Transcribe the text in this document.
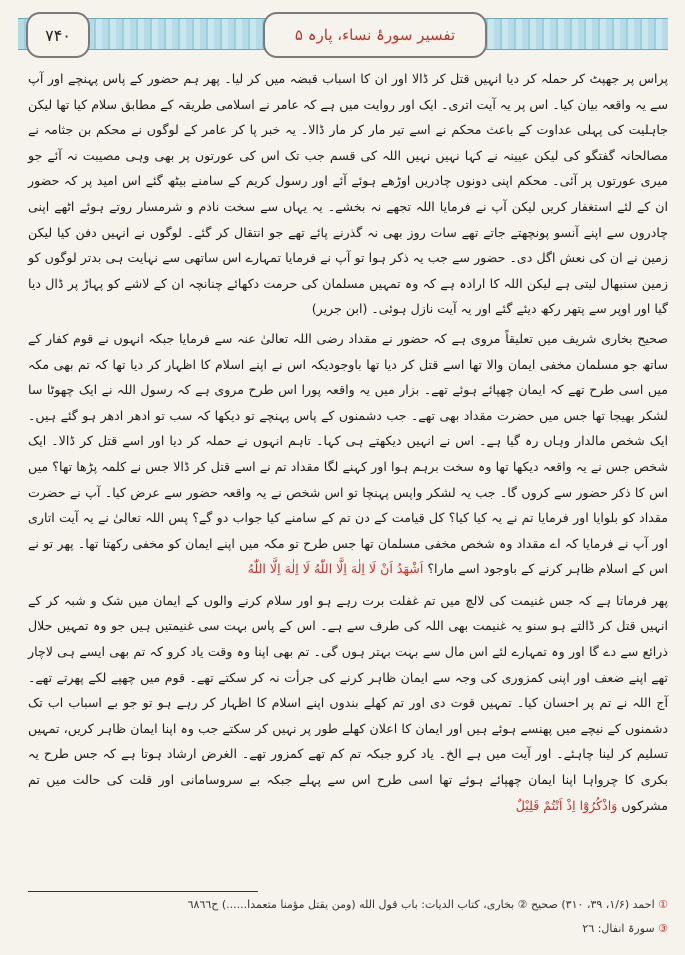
۷۴۰	تفسیر سورۂ نساء، پارہ ۵

پراس پر جھپٹ کر حملہ کر دیا انہیں قتل کر ڈالا اور ان کا اسباب قبضہ میں کر لیا۔ پھر ہم حضور کے پاس پہنچے اور آپ سے یہ واقعہ بیان کیا۔ اس پر یہ آیت اتری۔ ایک اور روایت میں ہے کہ عامر نے اسلامی طریقہ کے مطابق سلام کیا تھا لیکن جاہلیت کی پہلی عداوت کے باعث محکم نے اسے تیر مار کر مار ڈالا۔ یہ خبر پا کر عامر کے لوگوں نے محکم بن جثامہ نے مصالحانہ گفتگو کی لیکن عیینہ نے کہا نہیں نہیں اللہ کی قسم جب تک اس کی عورتوں پر بھی وہی مصیبت نہ آئے جو میری عورتوں پر آئی۔ محکم اپنی دونوں چادریں اوڑھے ہوئے آئے اور رسول کریم کے سامنے بیٹھ گئے اس امید پر کہ حضور ان کے لئے استغفار کریں لیکن آپ نے فرمایا اللہ تجھے نہ بخشے۔ یہ یہاں سے سخت نادم و شرمسار روتے ہوئے اٹھے اپنی چادروں سے اپنے آنسو پونچھتے جاتے تھے سات روز بھی نہ گذرنے پائے تھے جو انتقال کر گئے۔ لوگوں نے انہیں دفن کیا لیکن زمین نے ان کی نعش اگل دی۔ حضور سے جب یہ ذکر ہوا تو آپ نے فرمایا تمہارے اس ساتھی سے نہایت ہی بدتر لوگوں کو زمین سنبھال لیتی ہے لیکن اللہ کا ارادہ ہے کہ وہ تمہیں مسلمان کی حرمت دکھائے چنانچہ ان کے لاشے کو پہاڑ پر ڈال دیا گیا اور اوپر سے پتھر رکھ دیئے گئے اور یہ آیت نازل ہوئی۔ (ابن جریر)

صحیح بخاری شریف میں تعلیقاً مروی ہے کہ حضور نے مقداد رضی اللہ تعالیٰ عنہ سے فرمایا جبکہ انہوں نے قوم کفار کے ساتھ جو مسلمان مخفی ایمان والا تھا اسے قتل کر دیا تھا باوجودیکہ اس نے اپنے اسلام کا اظہار کر دیا تھا کہ تم بھی مکہ میں اسی طرح تھے کہ ایمان چھپائے ہوئے تھے۔ بزار میں یہ واقعہ پورا اس طرح مروی ہے کہ رسول اللہ نے ایک چھوٹا سا لشکر بھیجا تھا جس میں حضرت مقداد بھی تھے۔ جب دشمنوں کے پاس پہنچے تو دیکھا کہ سب تو ادھر ادھر ہو گئے ہیں۔ ایک شخص مالدار وہاں رہ گیا ہے۔ اس نے انہیں دیکھتے ہی کہا۔ تاہم انہوں نے حملہ کر دیا اور اسے قتل کر ڈالا۔ ایک شخص جس نے یہ واقعہ دیکھا تھا وہ سخت برہم ہوا اور کہنے لگا مقداد تم نے اسے قتل کر ڈالا جس نے کلمہ پڑھا تھا؟ میں اس کا ذکر حضور سے کروں گا۔ جب یہ لشکر واپس پہنچا تو اس شخص نے یہ واقعہ حضور سے عرض کیا۔ آپ نے حضرت مقداد کو بلوایا اور فرمایا تم نے یہ کیا کیا؟ کل قیامت کے دن تم کے سامنے کیا جواب دو گے؟ پس اللہ تعالیٰ نے یہ آیت اتاری اور آپ نے فرمایا کہ اے مقداد وہ شخص مخفی مسلمان تھا جس طرح تو مکہ میں اپنے ایمان کو مخفی رکھتا تھا۔ پھر تو نے اس کے اسلام ظاہر کرنے کے باوجود اسے مارا؟ اَشْهَدُ اَنْ لَا اِلٰهَ اِلَّا اللّٰهُ لَا اِلٰهَ اِلَّا اللّٰهُ

پھر فرماتا ہے کہ جس غنیمت کی لالچ میں تم غفلت برت رہے ہو اور سلام کرنے والوں کے ایمان میں شک و شبہ کر کے انہیں قتل کر ڈالتے ہو سنو یہ غنیمت بھی اللہ کی طرف سے ہے۔ اس کے پاس بہت سی غنیمتیں ہیں جو وہ تمہیں حلال ذرائع سے دے گا اور وہ تمہارے لئے اس مال سے بہت بہتر ہوں گی۔ تم بھی اپنا وہ وقت یاد کرو کہ تم بھی ایسے ہی لاچار تھے اپنے ضعف اور اپنی کمزوری کی وجہ سے ایمان ظاہر کرنے کی جرأت نہ کر سکتے تھے۔ قوم میں چھپے لکے پھرتے تھے۔ آج اللہ نے تم پر احسان کیا۔ تمہیں قوت دی اور تم کھلے بندوں اپنے اسلام کا اظہار کر رہے ہو تو جو بے اسباب اب تک دشمنوں کے نیچے میں پھنسے ہوئے ہیں اور ایمان کا اعلان کھلے طور پر نہیں کر سکتے جب وہ اپنا ایمان ظاہر کریں، تمہیں تسلیم کر لینا چاہئے۔ اور آیت میں ہے الخ۔ یاد کرو جبکہ تم کم تھے کمزور تھے۔ الغرض ارشاد ہوتا ہے کہ جس طرح یہ بکری کا چرواہا اپنا ایمان چھپائے ہوئے تھا اسی طرح اس سے پہلے جبکہ بے سروسامانی اور قلت کی حالت میں تم مشرکوں وَاذْكُرُوْٓا اِذْ اَنْتُمْ قَلِيْلٌ

① احمد (۱/۶، ۳۹، ۳۱۰) صحیح ② بخاری، کتاب الدیات: باب قول الله (ومن يقتل مؤمنا متعمدا......) ح٦٨٦٦
③ سورۃ انفال: ۲٦
